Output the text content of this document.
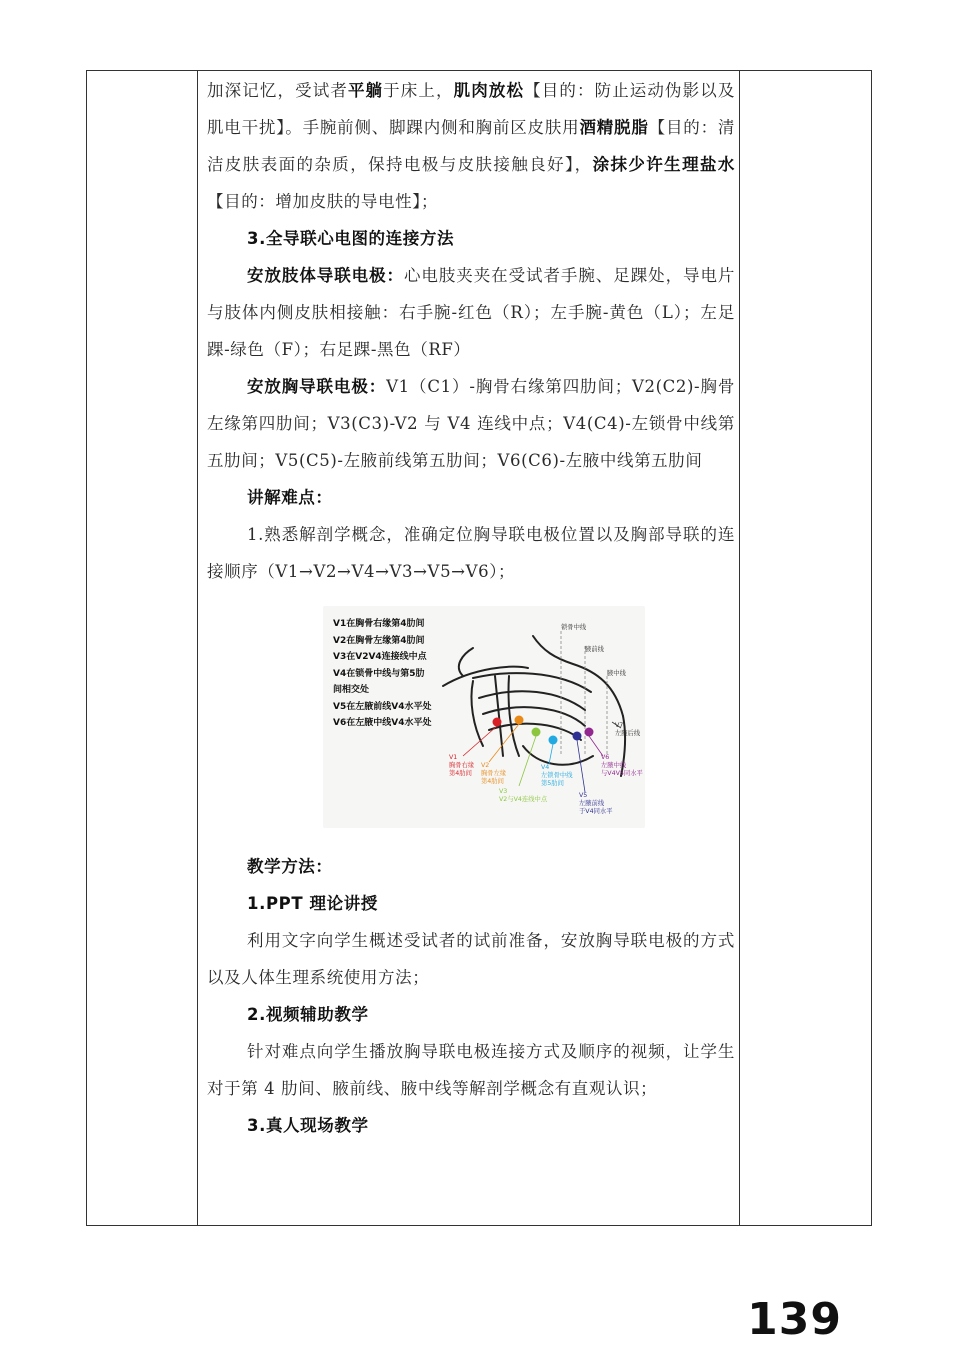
加深记忆，受试者平躺于床上，肌肉放松【目的：防止运动伪影以及肌电干扰】。手腕前侧、脚踝内侧和胸前区皮肤用酒精脱脂【目的：清洁皮肤表面的杂质，保持电极与皮肤接触良好】，涂抹少许生理盐水【目的：增加皮肤的导电性】；

3.全导联心电图的连接方法

安放肢体导联电极：心电肢夹夹在受试者手腕、足踝处，导电片与肢体内侧皮肤相接触：右手腕-红色（R）；左手腕-黄色（L）；左足踝-绿色（F）；右足踝-黑色（RF）

安放胸导联电极：V1（C1）-胸骨右缘第四肋间；V2(C2)-胸骨左缘第四肋间；V3(C3)-V2 与 V4 连线中点；V4(C4)-左锁骨中线第五肋间；V5(C5)-左腋前线第五肋间；V6(C6)-左腋中线第五肋间

讲解难点：

1.熟悉解剖学概念，准确定位胸导联电极位置以及胸部导联的连接顺序（V1→V2→V4→V3→V5→V6）；

V1在胸骨右缘第4肋间
V2在胸骨左缘第4肋间
V3在V2V4连接线中点
V4在锁骨中线与第5肋
间相交处
V5在左腋前线V4水平处
V6在左腋中线V4水平处
锁骨中线
腋前线
腋中线
V7
左腋后线
V1
胸骨右缘
第4肋间
V2
胸骨左缘
第4肋间
V3
V2与V4连线中点
V4
左锁骨中线
第5肋间
V5
左腋前线
于V4同水平
V6
左腋中线
与V4V5同水平

教学方法：

1.PPT 理论讲授

利用文字向学生概述受试者的试前准备，安放胸导联电极的方式以及人体生理系统使用方法；

2.视频辅助教学

针对难点向学生播放胸导联电极连接方式及顺序的视频，让学生对于第 4 肋间、腋前线、腋中线等解剖学概念有直观认识；

3.真人现场教学

139
